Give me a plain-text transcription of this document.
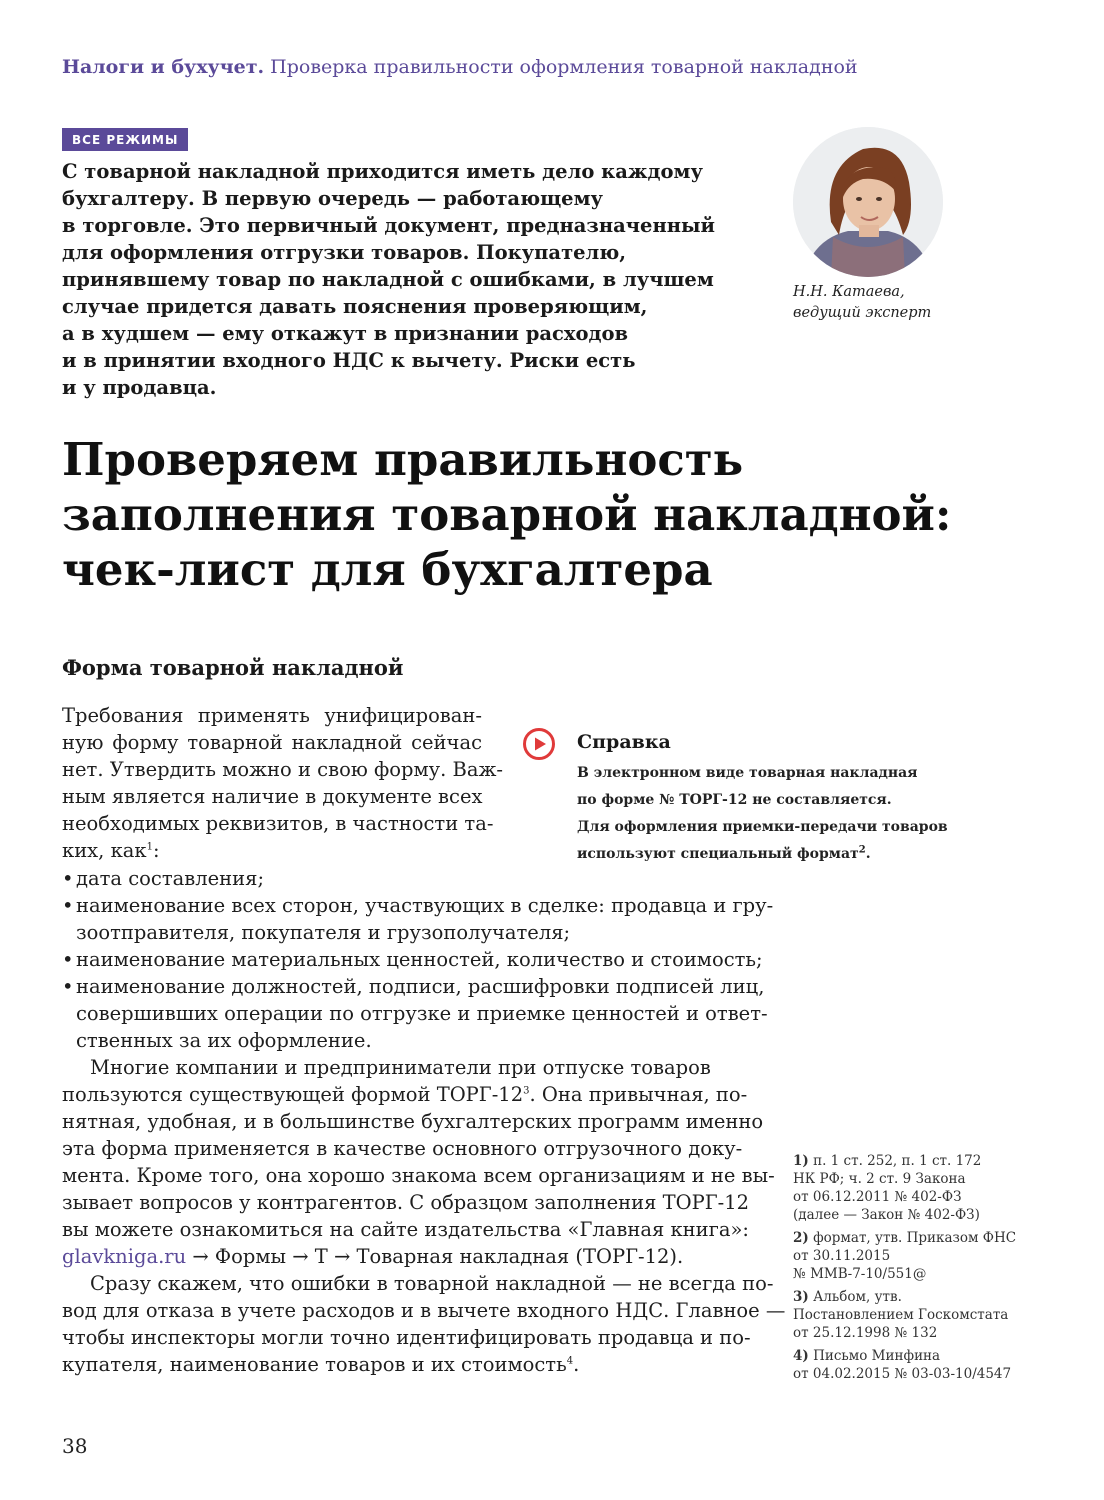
Налоги и бухучет. Проверка правильности оформления товарной накладной
ВСЕ РЕЖИМЫ
С товарной накладной приходится иметь дело каждому
бухгалтеру. В первую очередь — работающему
в торговле. Это первичный документ, предназначенный
для оформления отгрузки товаров. Покупателю,
принявшему товар по накладной с ошибками, в лучшем
случае придется давать пояснения проверяющим,
а в худшем — ему откажут в признании расходов
и в принятии входного НДС к вычету. Риски есть
и у продавца.
Н.Н. Катаева,
ведущий эксперт
Проверяем правильность
заполнения товарной накладной:
чек-лист для бухгалтера
Форма товарной накладной
Требования применять унифицирован-
ную форму товарной накладной сейчас
нет. Утвердить можно и свою форму. Важ-
ным является наличие в документе всех
необходимых реквизитов, в частности та-
ких, как$^1$:
• дата составления;
• наименование всех сторон, участвующих в сделке: продавца и гру-
зоотправителя, покупателя и грузополучателя;
• наименование материальных ценностей, количество и стоимость;
• наименование должностей, подписи, расшифровки подписей лиц,
совершивших операции по отгрузке и приемке ценностей и ответ-
ственных за их оформление.
Многие компании и предприниматели при отпуске товаров
пользуются существующей формой ТОРГ-$12^3$. Она привычная, по-
нятная, удобная, и в большинстве бухгалтерских программ именно
эта форма применяется в качестве основного отгрузочного доку-
мента. Кроме того, она хорошо знакома всем организациям и не вы-
зывает вопросов у контрагентов. С образцом заполнения ТОРГ-12
вы можете ознакомиться на сайте издательства «Главная книга»:
glavkniga.ru → Формы → Т → Товарная накладная (ТОРГ-12).
Сразу скажем, что ошибки в товарной накладной — не всегда по-
вод для отказа в учете расходов и в вычете входного НДС. Главное —
чтобы инспекторы могли точно идентифицировать продавца и по-
купателя, наименование товаров и их стоимость$^4$.
Справка
В электронном виде товарная накладная
по форме № ТОРГ-12 не составляется.
Для оформления приемки-передачи товаров
используют специальный формат$^2$.
1) п. 1 ст. 252, п. 1 ст. 172
НК РФ; ч. 2 ст. 9 Закона
от 06.12.2011 № 402-ФЗ
(далее — Закон № 402-ФЗ)
2) формат, утв. Приказом ФНС
от 30.11.2015
№ ММВ-7-10/551@
3) Альбом, утв.
Постановлением Госкомстата
от 25.12.1998 № 132
4) Письмо Минфина
от 04.02.2015 № 03-03-10/4547
38
